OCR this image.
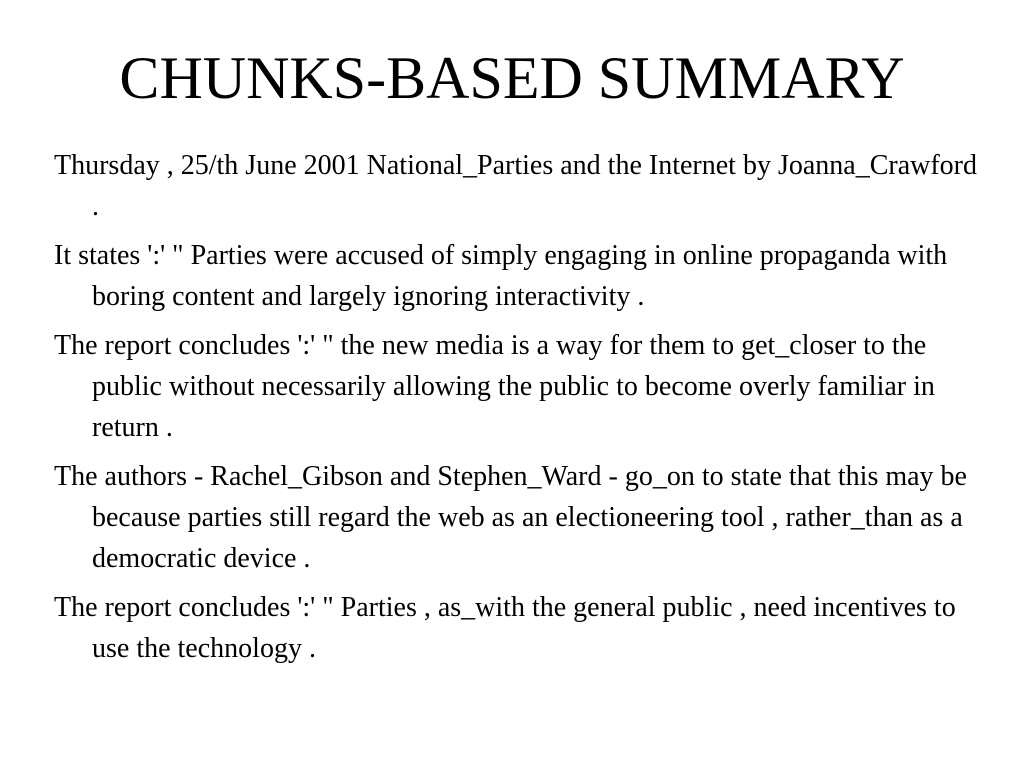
CHUNKS-BASED SUMMARY
Thursday , 25/th June 2001 National_Parties and the Internet by Joanna_Crawford .
It states ':' " Parties were accused of simply engaging in online propaganda with boring content and largely ignoring interactivity .
The report concludes ':' " the new media is a way for them to get_closer to the public without necessarily allowing the public to become overly familiar in return .
The authors - Rachel_Gibson and Stephen_Ward - go_on to state that this may be because parties still regard the web as an electioneering tool , rather_than as a democratic device .
The report concludes ':' " Parties , as_with the general public , need incentives to use the technology .
